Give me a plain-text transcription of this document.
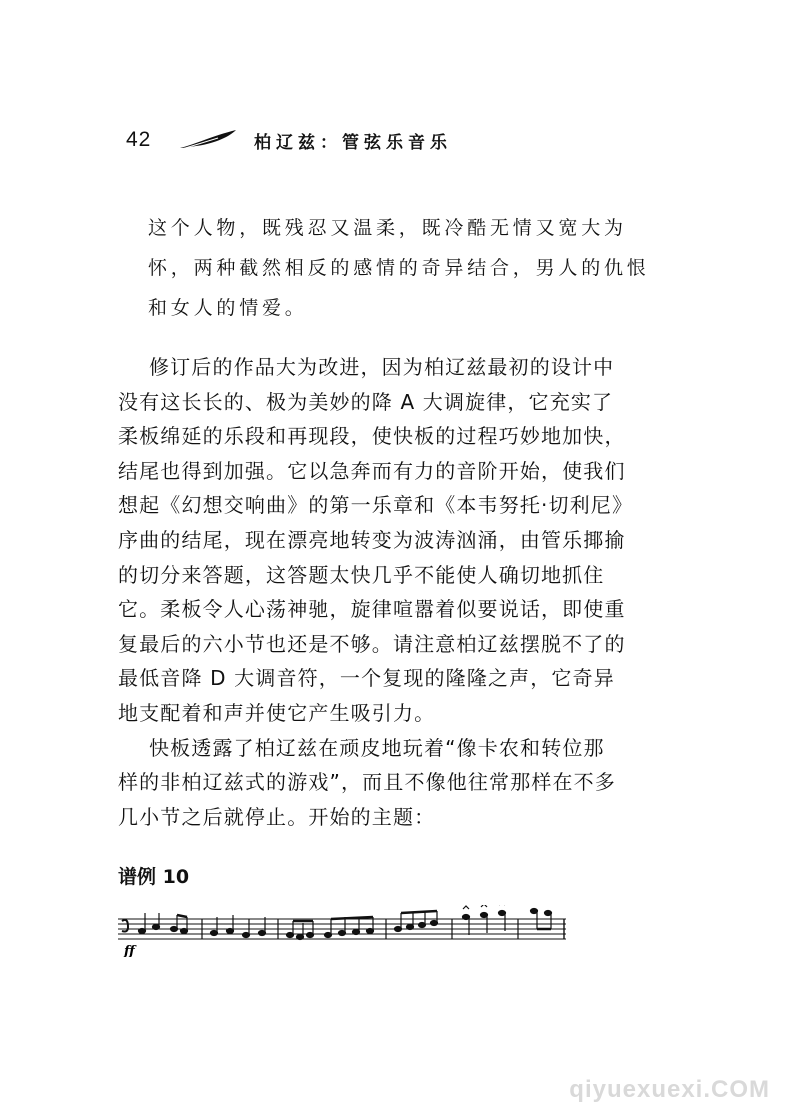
42	柏辽兹：管弦乐音乐

这个人物，既残忍又温柔，既冷酷无情又宽大为

怀，两种截然相反的感情的奇异结合，男人的仇恨

和女人的情爱。

修订后的作品大为改进，因为柏辽兹最初的设计中

没有这长长的、极为美妙的降 A 大调旋律，它充实了

柔板绵延的乐段和再现段，使快板的过程巧妙地加快，

结尾也得到加强。它以急奔而有力的音阶开始，使我们

想起《幻想交响曲》的第一乐章和《本韦努托·切利尼》

序曲的结尾，现在漂亮地转变为波涛汹涌，由管乐揶揄

的切分来答题，这答题太快几乎不能使人确切地抓住

它。柔板令人心荡神驰，旋律喧嚣着似要说话，即使重

复最后的六小节也还是不够。请注意柏辽兹摆脱不了的

最低音降 D 大调音符，一个复现的隆隆之声，它奇异

地支配着和声并使它产生吸引力。

快板透露了柏辽兹在顽皮地玩着“像卡农和转位那

样的非柏辽兹式的游戏”，而且不像他往常那样在不多

几小节之后就停止。开始的主题：

谱例 10
ff
qiyuexuexi.COM
